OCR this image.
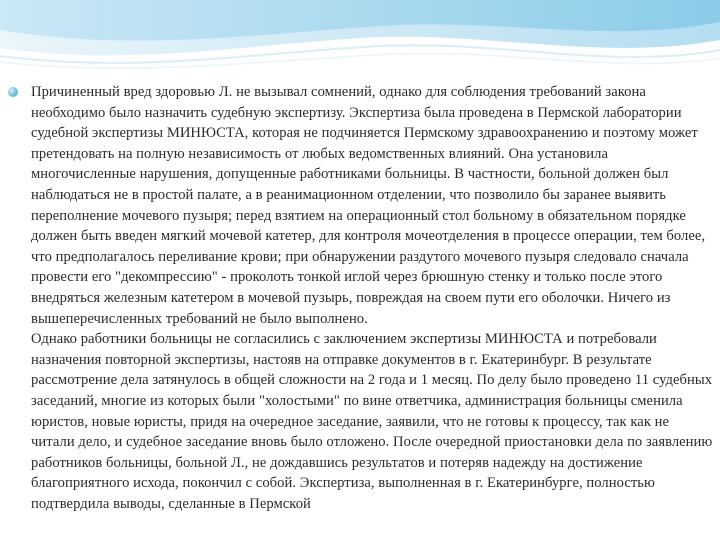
Причиненный вред здоровью Л. не вызывал сомнений, однако для соблюдения требований закона необходимо было назначить судебную экспертизу. Экспертиза была проведена в Пермской лаборатории судебной экспертизы МИНЮСТА, которая не подчиняется Пермскому здравоохранению и поэтому может претендовать на полную независимость от любых ведомственных влияний. Она установила многочисленные нарушения, допущенные работниками больницы. В частности, больной должен был наблюдаться не в простой палате, а в реанимационном отделении, что позволило бы заранее выявить переполнение мочевого пузыря; перед взятием на операционный стол больному в обязательном порядке должен быть введен мягкий мочевой катетер, для контроля мочеотделения в процессе операции, тем более, что предполагалось переливание крови; при обнаружении раздутого мочевого пузыря следовало сначала провести его "декомпрессию" - проколоть тонкой иглой через брюшную стенку и только после этого внедряться железным катетером в мочевой пузырь, повреждая на своем пути его оболочки. Ничего из вышеперечисленных требований не было выполнено.
Однако работники больницы не согласились с заключением экспертизы МИНЮСТА и потребовали назначения повторной экспертизы, настояв на отправке документов в г. Екатеринбург. В результате рассмотрение дела затянулось в общей сложности на 2 года и 1 месяц. По делу было проведено 11 судебных заседаний, многие из которых были "холостыми" по вине ответчика, администрация больницы сменила юристов, новые юристы, придя на очередное заседание, заявили, что не готовы к процессу, так как не читали дело, и судебное заседание вновь было отложено. После очередной приостановки дела по заявлению работников больницы, больной Л., не дождавшись результатов и потеряв надежду на достижение благоприятного исхода, покончил с собой. Экспертиза, выполненная в г. Екатеринбурге, полностью подтвердила выводы, сделанные в Пермской
